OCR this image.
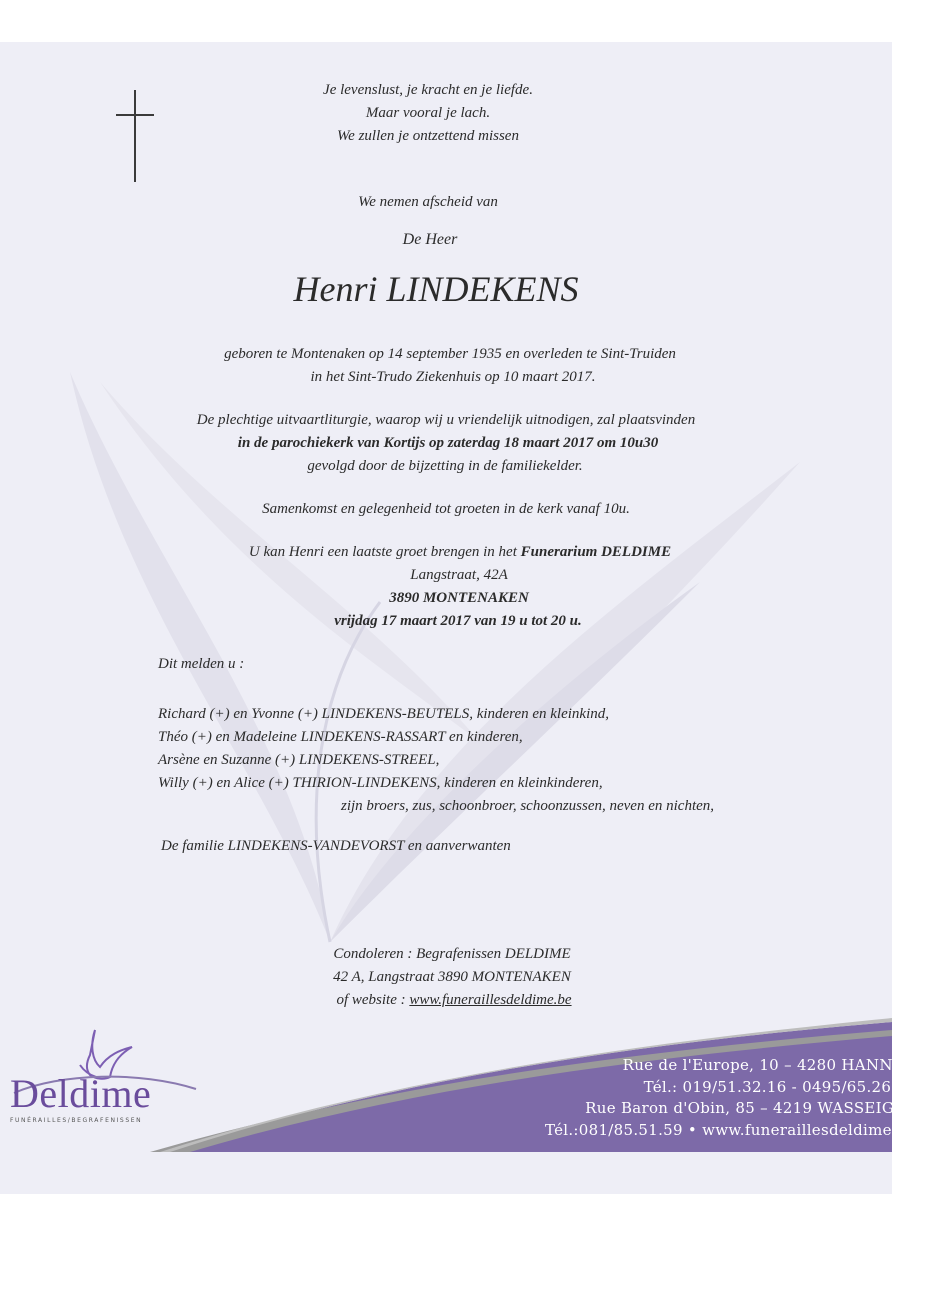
Je levenslust, je kracht en je liefde.
Maar vooral je lach.
We zullen je ontzettend missen
We nemen afscheid van
De Heer
Henri LINDEKENS
geboren te Montenaken op 14 september 1935 en overleden te Sint-Truiden
in het Sint-Trudo Ziekenhuis op 10 maart 2017.
De plechtige uitvaartliturgie, waarop wij u vriendelijk uitnodigen, zal plaatsvinden
in de parochiekerk van Kortijs op zaterdag 18 maart 2017 om 10u30
gevolgd door de bijzetting in de familiekelder.
Samenkomst en gelegenheid tot groeten in de kerk vanaf 10u.
U kan Henri een laatste groet brengen in het Funerarium DELDIME
Langstraat, 42A
3890 MONTENAKEN
vrijdag 17 maart 2017 van 19 u tot 20 u.
Dit melden u :
Richard (+) en Yvonne (+) LINDEKENS-BEUTELS, kinderen en kleinkind,
Théo (+) en Madeleine LINDEKENS-RASSART en kinderen,
Arsène en Suzanne (+) LINDEKENS-STREEL,
Willy (+) en Alice (+) THIRION-LINDEKENS, kinderen en kleinkinderen,
zijn broers, zus, schoonbroer, schoonzussen, neven en nichten,
De familie LINDEKENS-VANDEVORST en aanverwanten
Condoleren : Begrafenissen DELDIME
42 A, Langstraat 3890 MONTENAKEN
of website : www.funeraillesdeldime.be
Rue de l'Europe, 10 – 4280 HANNUT
Tél.: 019/51.32.16 - 0495/65.26.03
Rue Baron d'Obin, 85 – 4219 WASSEIGES
Tél.:081/85.51.59 • www.funeraillesdeldime.be
Deldime
FUNÉRAILLES/BEGRAFENISSEN
